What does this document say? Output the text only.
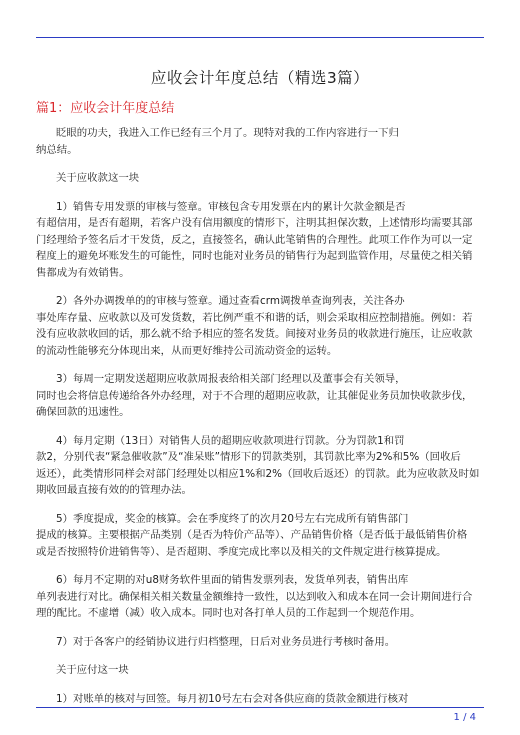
应收会计年度总结（精选3篇）
篇1：应收会计年度总结

眨眼的功夫，我进入工作已经有三个月了。现特对我的工作内容进行一下归

纳总结。

关于应收款这一块

1）销售专用发票的审核与签章。审核包含专用发票在内的累计欠款金额是否

有超信用，是否有超期，若客户没有信用额度的情形下，注明其担保次数，上述情形均需要其部

门经理给予签名后才干发货，反之，直接签名，确认此笔销售的合理性。此项工作作为可以一定

程度上的避免坏账发生的可能性，同时也能对业务员的销售行为起到监管作用，尽量使之相关销

售都成为有效销售。

2）各外办调拨单的的审核与签章。通过查看crm调拨单查询列表，关注各办

事处库存量、应收款以及可发货数，若比例严重不和谐的话，则会采取相应控制措施。例如：若

没有应收款收回的话，那么就不给予相应的签名发货。间接对业务员的收款进行施压，让应收款

的流动性能够充分体现出来，从而更好维持公司流动资金的运转。

3）每周一定期发送超期应收款周报表给相关部门经理以及董事会有关领导，

同时也会将信息传递给各外办经理，对于不合理的超期应收款，让其催促业务员加快收款步伐，

确保回款的迅速性。

4）每月定期（13日）对销售人员的超期应收款项进行罚款。分为罚款1和罚

款2，分别代表“紧急催收款”及“准呆账”情形下的罚款类别，其罚款比率为2%和5%（回收后

返还），此类情形同样会对部门经理处以相应1%和2%（回收后返还）的罚款。此为应收款及时如

期收回最直接有效的的管理办法。

5）季度提成，奖金的核算。会在季度终了的次月20号左右完成所有销售部门

提成的核算。主要根据产品类别（是否为特价产品等）、产品销售价格（是否低于最低销售价格

或是否按照特价进销售等）、是否超期、季度完成比率以及相关的文件规定进行核算提成。

6）每月不定期的对u8财务软件里面的销售发票列表，发货单列表，销售出库

单列表进行对比。确保相关相关数量金额维持一致性，以达到收入和成本在同一会计期间进行合

理的配比。不虚增（减）收入成本。同时也对各打单人员的工作起到一个规范作用。

7）对于各客户的经销协议进行归档整理，日后对业务员进行考核时备用。

关于应付这一块

1）对账单的核对与回签。每月初10号左右会对各供应商的货款金额进行核对

1 / 4
